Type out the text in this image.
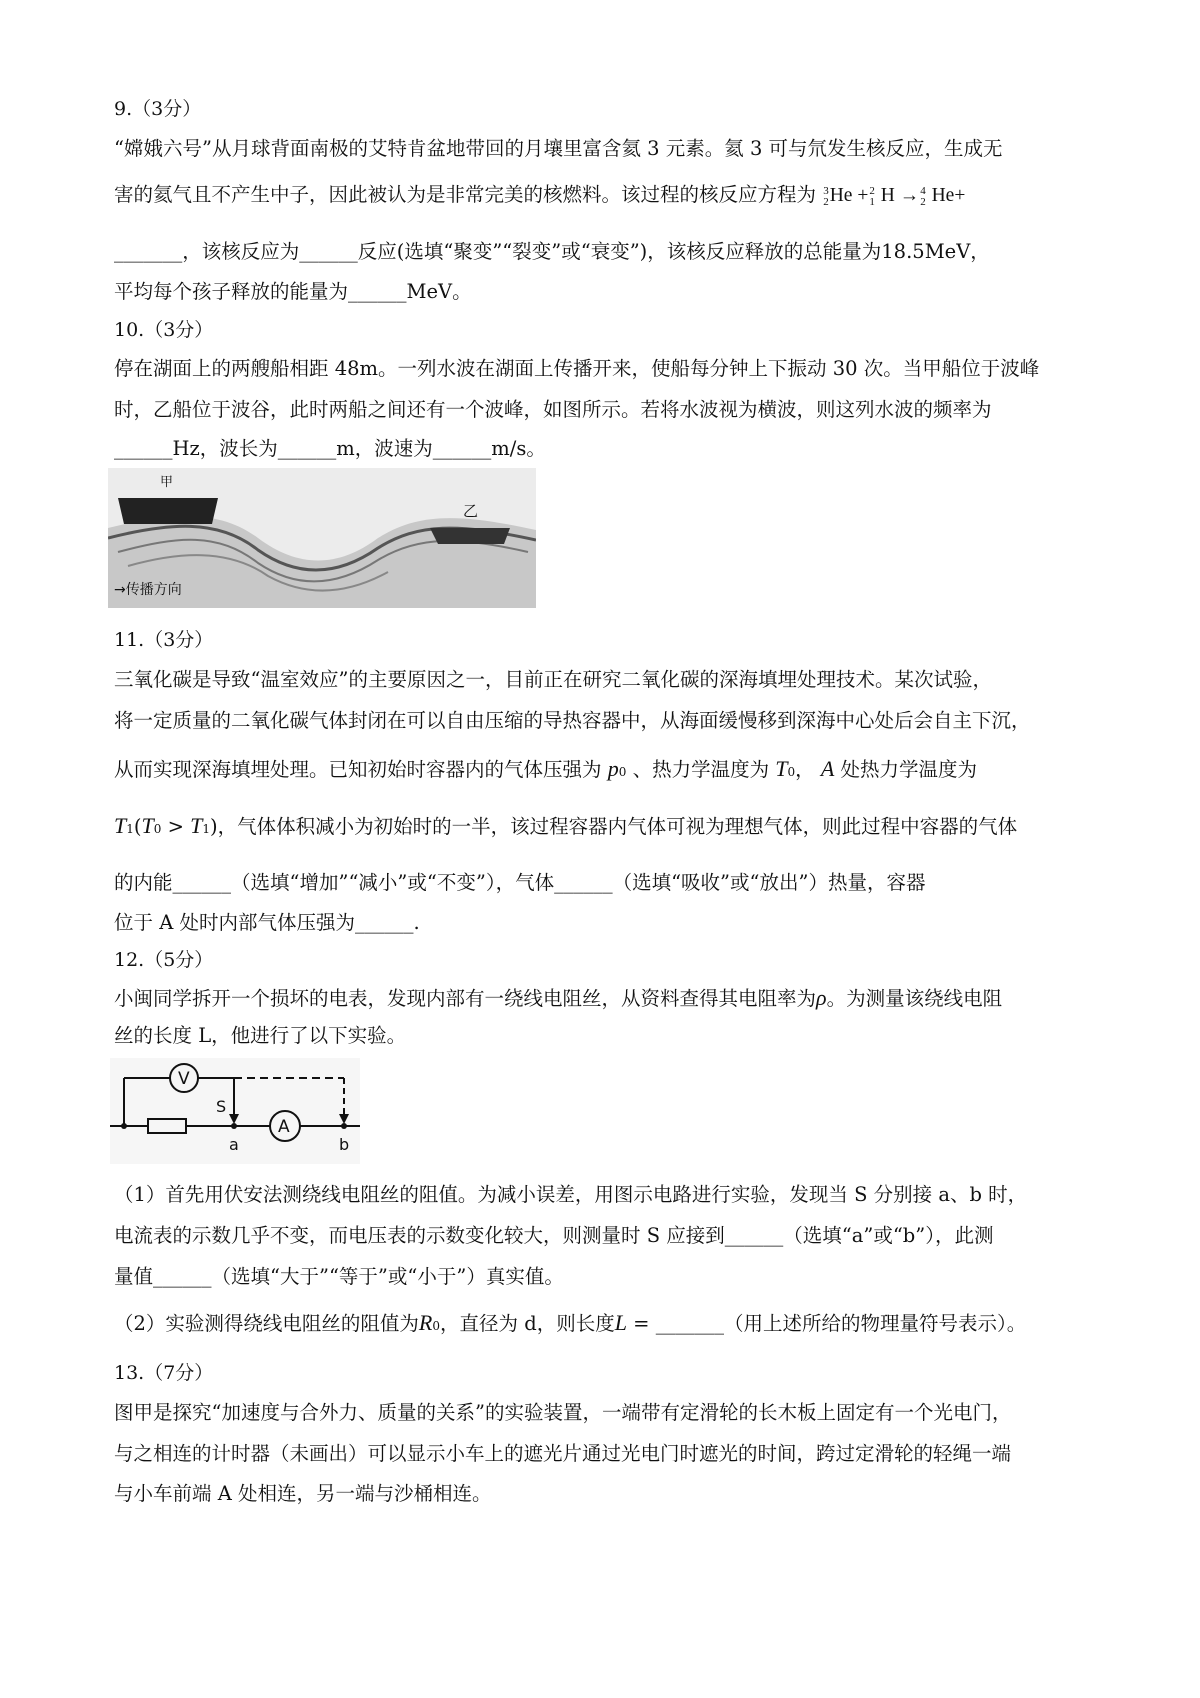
9.（3分）
“嫦娥六号”从月球背面南极的艾特肯盆地带回的月壤里富含氦 3 元素。氦 3 可与氘发生核反应，生成无
害的氦气且不产生中子，因此被认为是非常完美的核燃料。该过程的核反应方程为 3
2 He + 2
1 H → 4
2 He+
_______，该核反应为______反应(选填“聚变”“裂变”或“衰变”)，该核反应释放的总能量为18.5MeV，
平均每个孩子释放的能量为______MeV。
10.（3分）
停在湖面上的两艘船相距 48m。一列水波在湖面上传播开来，使船每分钟上下振动 30 次。当甲船位于波峰
时，乙船位于波谷，此时两船之间还有一个波峰，如图所示。若将水波视为横波，则这列水波的频率为
______Hz，波长为______m，波速为______m/s。
甲
乙
→传播方向
11.（3分）
三氧化碳是导致“温室效应”的主要原因之一，目前正在研究二氧化碳的深海填埋处理技术。某次试验，
将一定质量的二氧化碳气体封闭在可以自由压缩的导热容器中，从海面缓慢移到深海中心处后会自主下沉，
从而实现深海填埋处理。已知初始时容器内的气体压强为 p0 、热力学温度为 T0， A 处热力学温度为
T1(T0 > T1)，气体体积减小为初始时的一半，该过程容器内气体可视为理想气体，则此过程中容器的气体
的内能______（选填“增加”“减小”或“不变”），气体______（选填“吸收”或“放出”）热量，容器
位于 A 处时内部气体压强为______.
12.（5分）
小闽同学拆开一个损坏的电表，发现内部有一绕线电阻丝，从资料查得其电阻率为ρ。为测量该绕线电阻
丝的长度 L，他进行了以下实验。
V
A
S
a	b
（1）首先用伏安法测绕线电阻丝的阻值。为减小误差，用图示电路进行实验，发现当 S 分别接 a、b 时，
电流表的示数几乎不变，而电压表的示数变化较大，则测量时 S 应接到______（选填“a”或“b”），此测
量值______（选填“大于”“等于”或“小于”）真实值。
（2）实验测得绕线电阻丝的阻值为R0，直径为 d，则长度L = _______（用上述所给的物理量符号表示）。
13.（7分）
图甲是探究“加速度与合外力、质量的关系”的实验装置，一端带有定滑轮的长木板上固定有一个光电门，
与之相连的计时器（未画出）可以显示小车上的遮光片通过光电门时遮光的时间，跨过定滑轮的轻绳一端
与小车前端 A 处相连，另一端与沙桶相连。
